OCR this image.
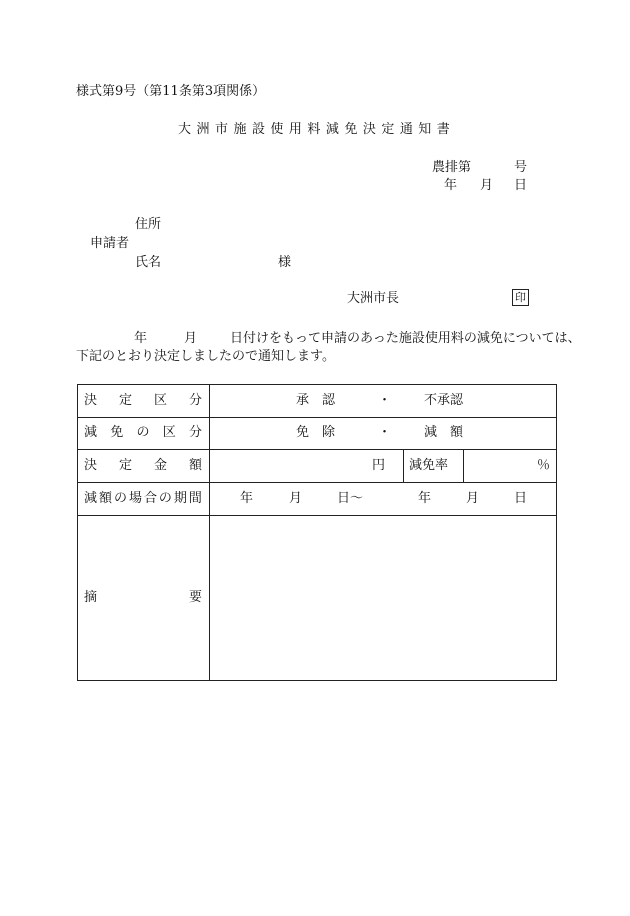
様式第9号（第11条第3項関係）
大 洲 市 施 設 使 用 料 減 免 決 定 通 知 書
農排第	号
年 月 日
住所
申請者
氏名	様
大洲市長	印
年	月	日付けをもって申請のあった施設使用料の減免については、
下記のとおり決定しましたので通知します。
決 定 区 分	承　認	・	不承認
減 免 の 区 分	免　除	・	減　額
決 定 金 額	円 減免率	％
減 額 の 場 合 の 期 間	年	月	日〜	年	月	日
摘	要
